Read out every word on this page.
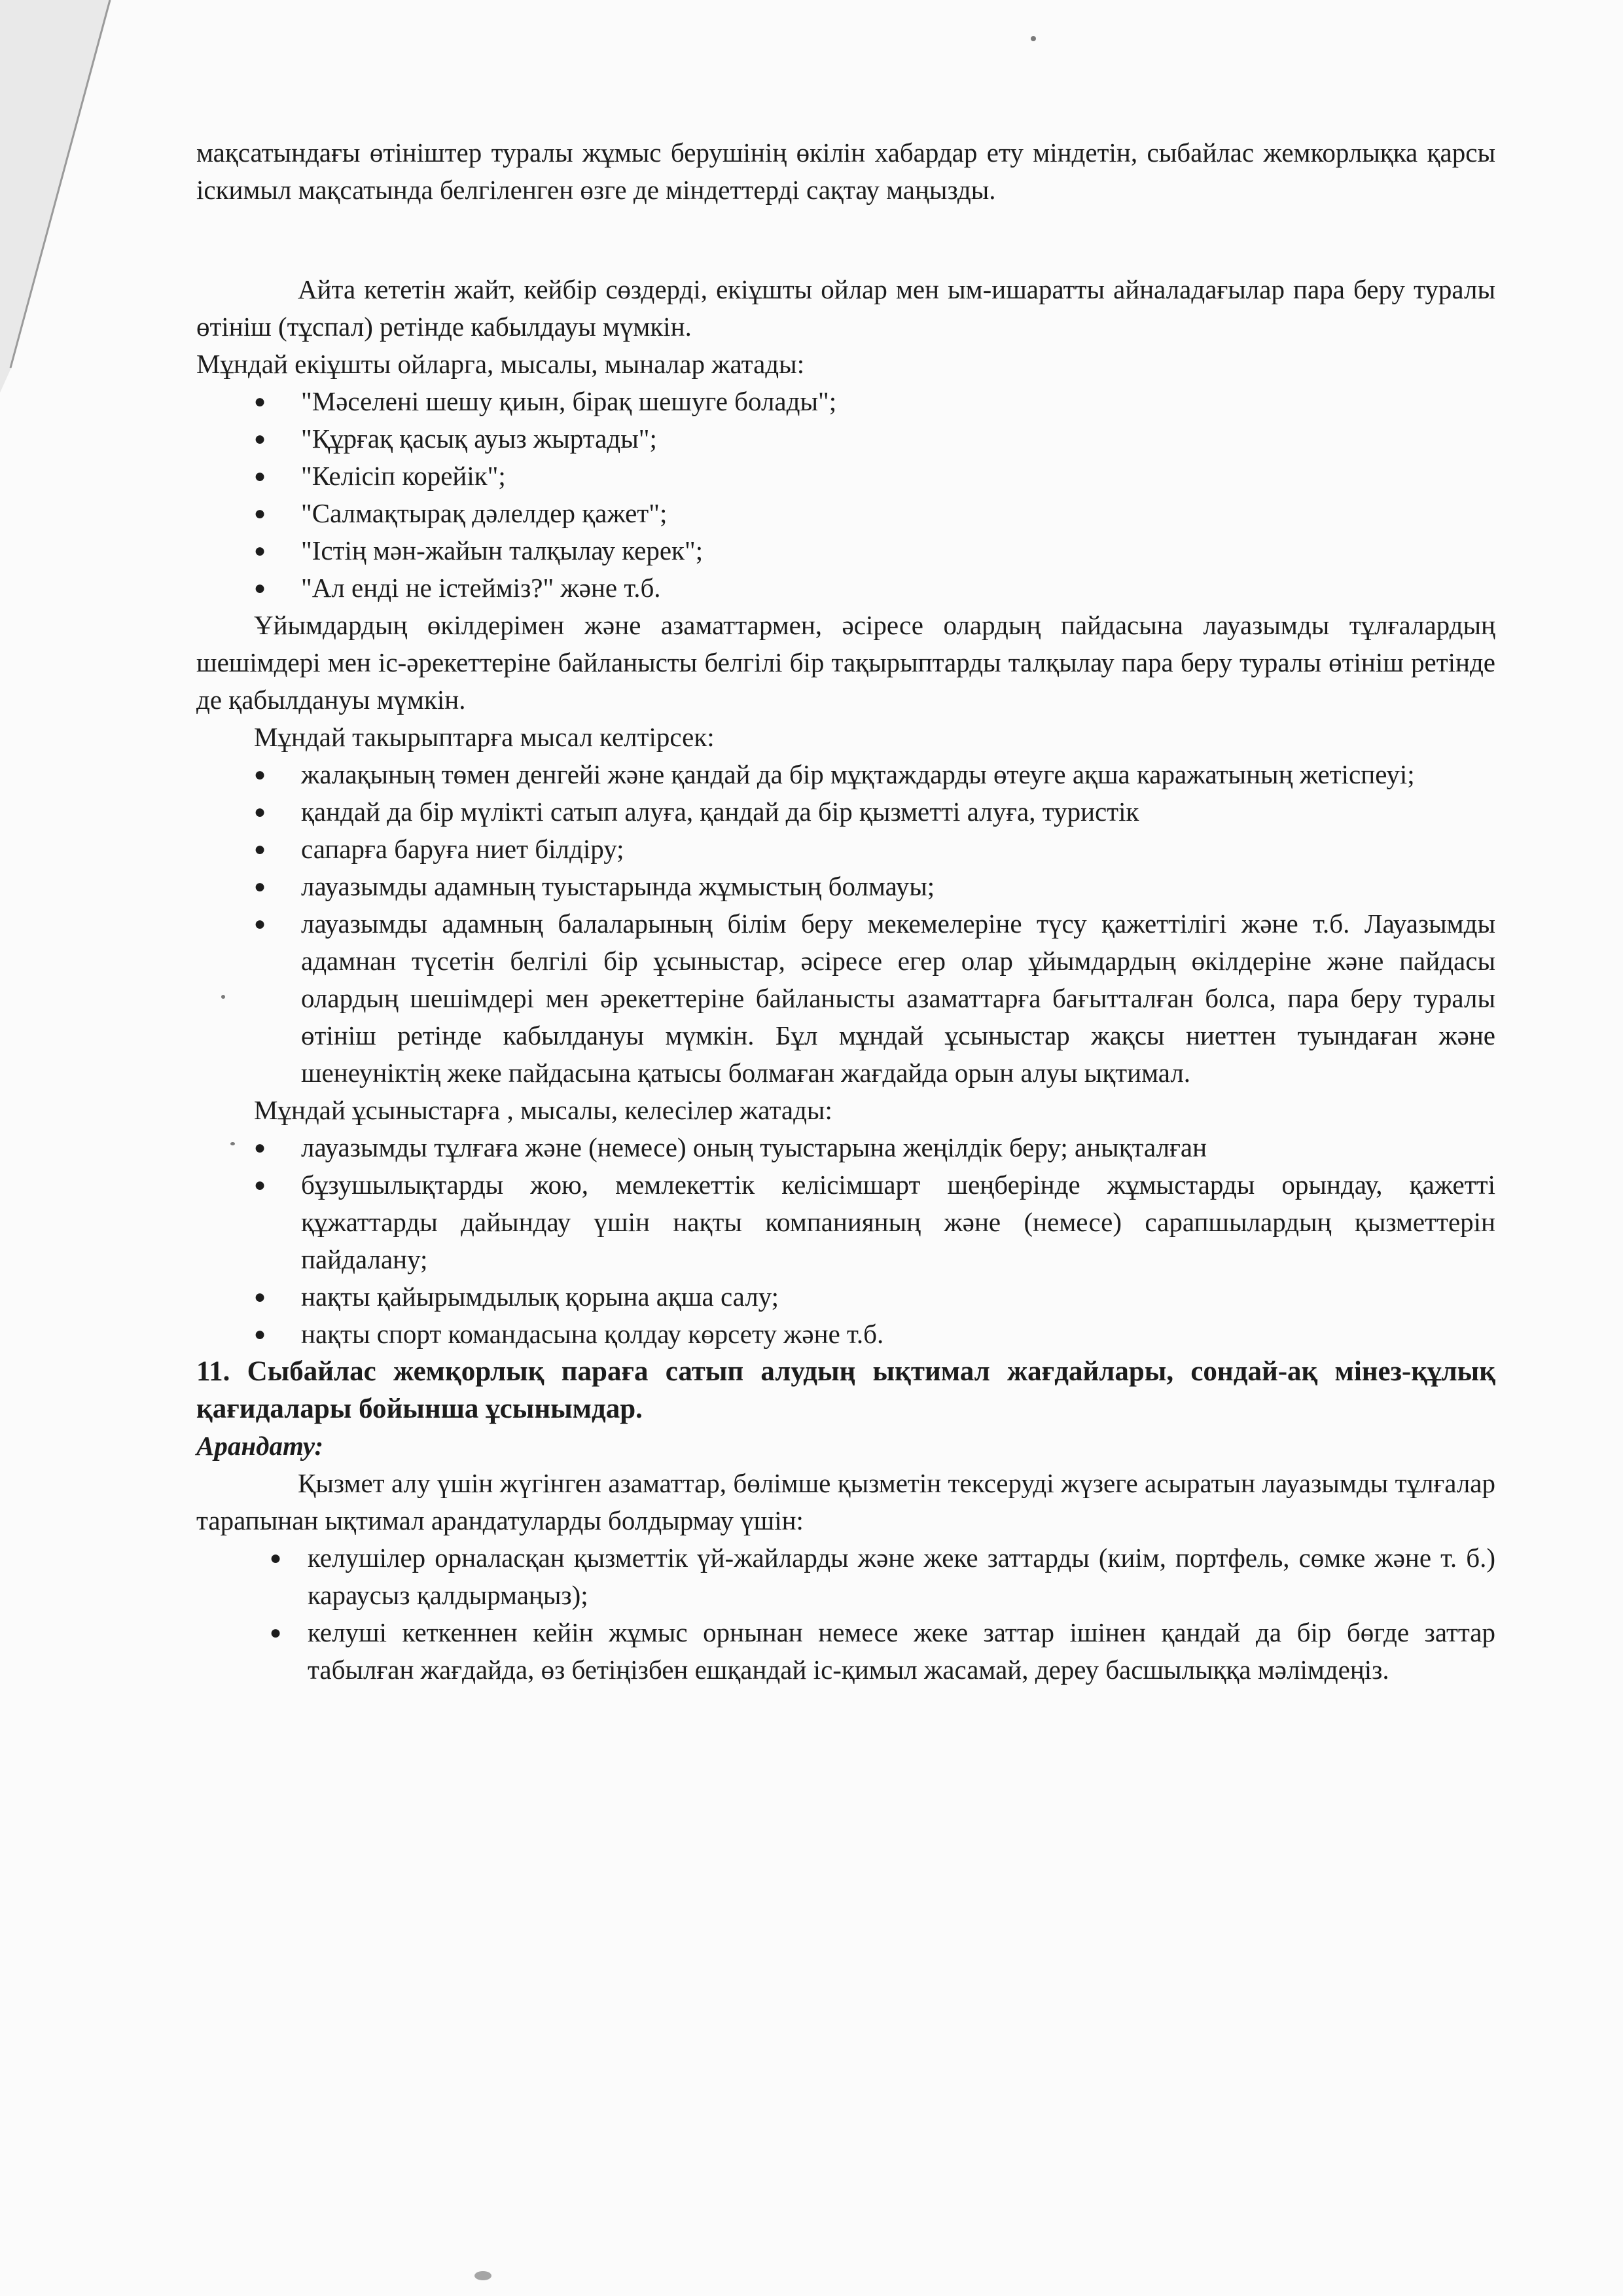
мақсатындағы өтініштер туралы жұмыс берушінің өкілін хабардар ету міндетін, сыбайлас жемкорлықка қарсы іскимыл мақсатында белгіленген өзге де міндеттерді сақтау маңызды.

Айта кететін жайт, кейбір сөздерді, екіұшты ойлар мен ым-ишаратты айналадағылар пара беру туралы өтініш (тұспал) ретінде кабылдауы мүмкін.

Мұндай екіұшты ойларга, мысалы, мыналар жатады:

● "Мәселені шешу қиын, бірақ шешуге болады";
● "Құрғақ қасық ауыз жыртады";
● "Келісіп корейік";
● "Салмақтырақ дәлелдер қажет";
● "Істің мән-жайын талқылау керек";
● "Ал енді не істейміз?" және т.б.

Ұйымдардың өкілдерімен және азаматтармен, әсіресе олардың пайдасына лауазымды тұлғалардың шешімдері мен іс-әрекеттеріне байланысты белгілі бір тақырыптарды талқылау пара беру туралы өтініш ретінде де қабылдануы мүмкін.

Мұндай такырыптарға мысал келтірсек:

● жалақының төмен денгейі және қандай да бір мұқтаждарды өтеуге ақша каражатының жетіспеуі;
● қандай да бір мүлікті сатып алуға, қандай да бір қызметті алуға, туристік
● сапарға баруға ниет білдіру;
● лауазымды адамның туыстарында жұмыстың болмауы;
● лауазымды адамның балаларының білім беру мекемелеріне түсу қажеттілігі және т.б. Лауазымды адамнан түсетін белгілі бір ұсыныстар, әсіресе егер олар ұйымдардың өкілдеріне және пайдасы олардың шешімдері мен әрекеттеріне байланысты азаматтарға бағытталған болса, пара беру туралы өтініш ретінде кабылдануы мүмкін. Бұл мұндай ұсыныстар жақсы ниеттен туындаған және шенеуніктің жеке пайдасына қатысы болмаған жағдайда орын алуы ықтимал.

Мұндай ұсыныстарға , мысалы, келесілер жатады:

● лауазымды тұлғаға және (немесе) оның туыстарына жеңілдік беру; анықталған
● бұзушылықтарды жою, мемлекеттік келісімшарт шеңберінде жұмыстарды орындау, қажетті құжаттарды дайындау үшін нақты компанияның және (немесе) сарапшылардың қызметтерін пайдалану;
● нақты қайырымдылық қорына ақша салу;
● нақты спорт командасына қолдау көрсету және т.б.

11. Сыбайлас жемқорлық параға сатып алудың ықтимал жағдайлары, сондай-ақ мінез-құлық қағидалары бойынша ұсынымдар.

Арандату:

Қызмет алу үшін жүгінген азаматтар, бөлімше қызметін тексеруді жүзеге асыратын лауазымды тұлғалар тарапынан ықтимал арандатуларды болдырмау үшін:

● келушілер орналасқан қызметтік үй-жайларды және жеке заттарды (киім, портфель, сөмке және т. б.) караусыз қалдырмаңыз);
● келуші кеткеннен кейін жұмыс орнынан немесе жеке заттар ішінен қандай да бір бөгде заттар табылған жағдайда, өз бетіңізбен ешқандай іс-қимыл жасамай, дереу басшылыққа мәлімдеңіз.
